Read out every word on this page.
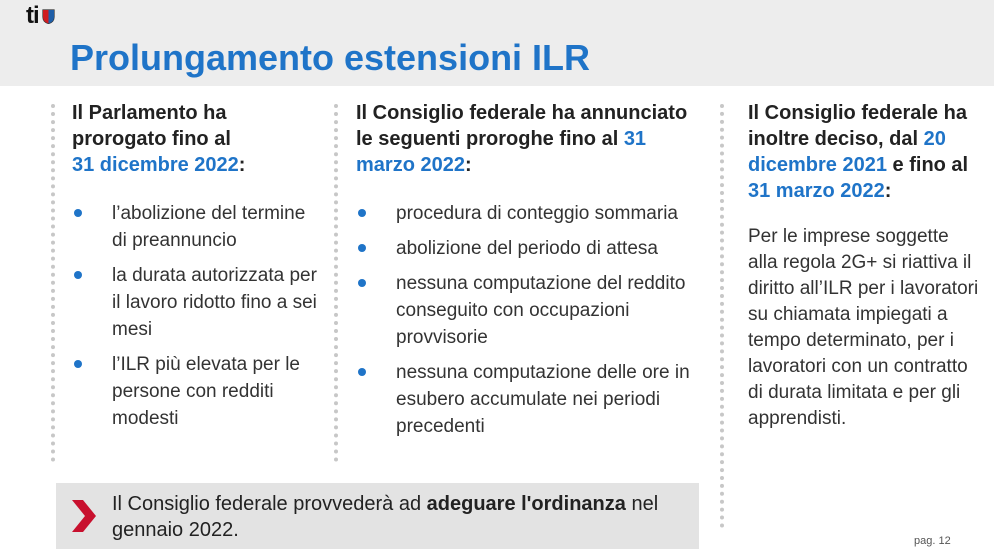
ti
Prolungamento estensioni ILR
Il Parlamento ha prorogato fino al
31 dicembre 2022:
l’abolizione del termine di preannuncio
la durata autorizzata per il lavoro ridotto fino a sei mesi
l’ILR più elevata per le persone con redditi modesti
Il Consiglio federale ha annunciato le seguenti proroghe fino al 31 marzo 2022:
procedura di conteggio sommaria
abolizione del periodo di attesa
nessuna computazione del reddito conseguito con occupazioni provvisorie
nessuna computazione delle ore in esubero accumulate nei periodi precedenti
Il Consiglio federale ha inoltre deciso, dal 20 dicembre 2021 e fino al 31 marzo 2022:

Per le imprese soggette alla regola 2G+ si riattiva il diritto all’ILR per i lavoratori su chiamata impiegati a tempo determinato, per i lavoratori con un contratto di durata limitata e per gli apprendisti.

Il Consiglio federale provvederà ad adeguare l'ordinanza nel gennaio 2022.	pag. 12
